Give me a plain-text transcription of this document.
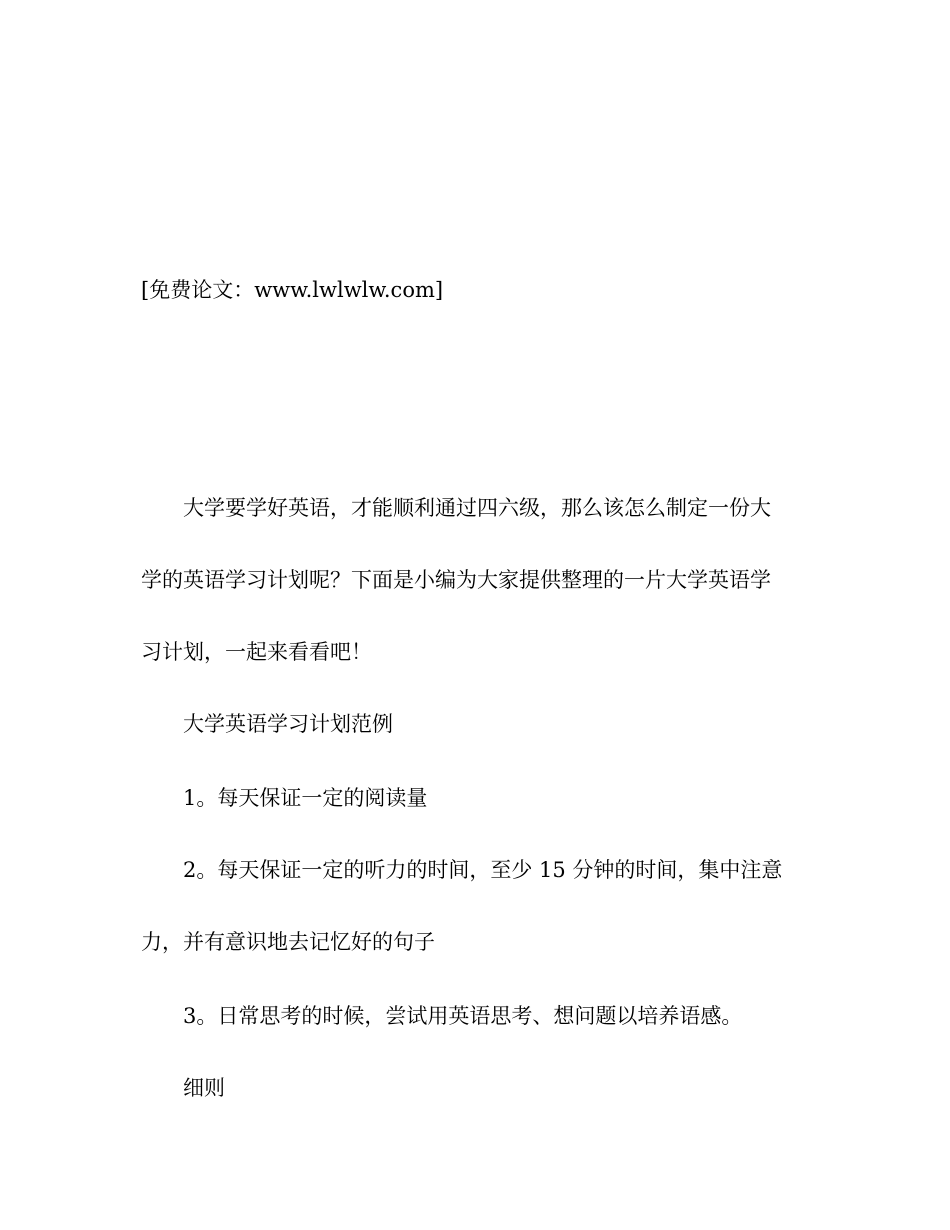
[免费论文：www.lwlwlw.com]
大学要学好英语，才能顺利通过四六级，那么该怎么制定一份大
学的英语学习计划呢？下面是小编为大家提供整理的一片大学英语学
习计划，一起来看看吧！
大学英语学习计划范例
1。每天保证一定的阅读量
2。每天保证一定的听力的时间，至少 15 分钟的时间，集中注意
力，并有意识地去记忆好的句子
3。日常思考的时候，尝试用英语思考、想问题以培养语感。
细则
